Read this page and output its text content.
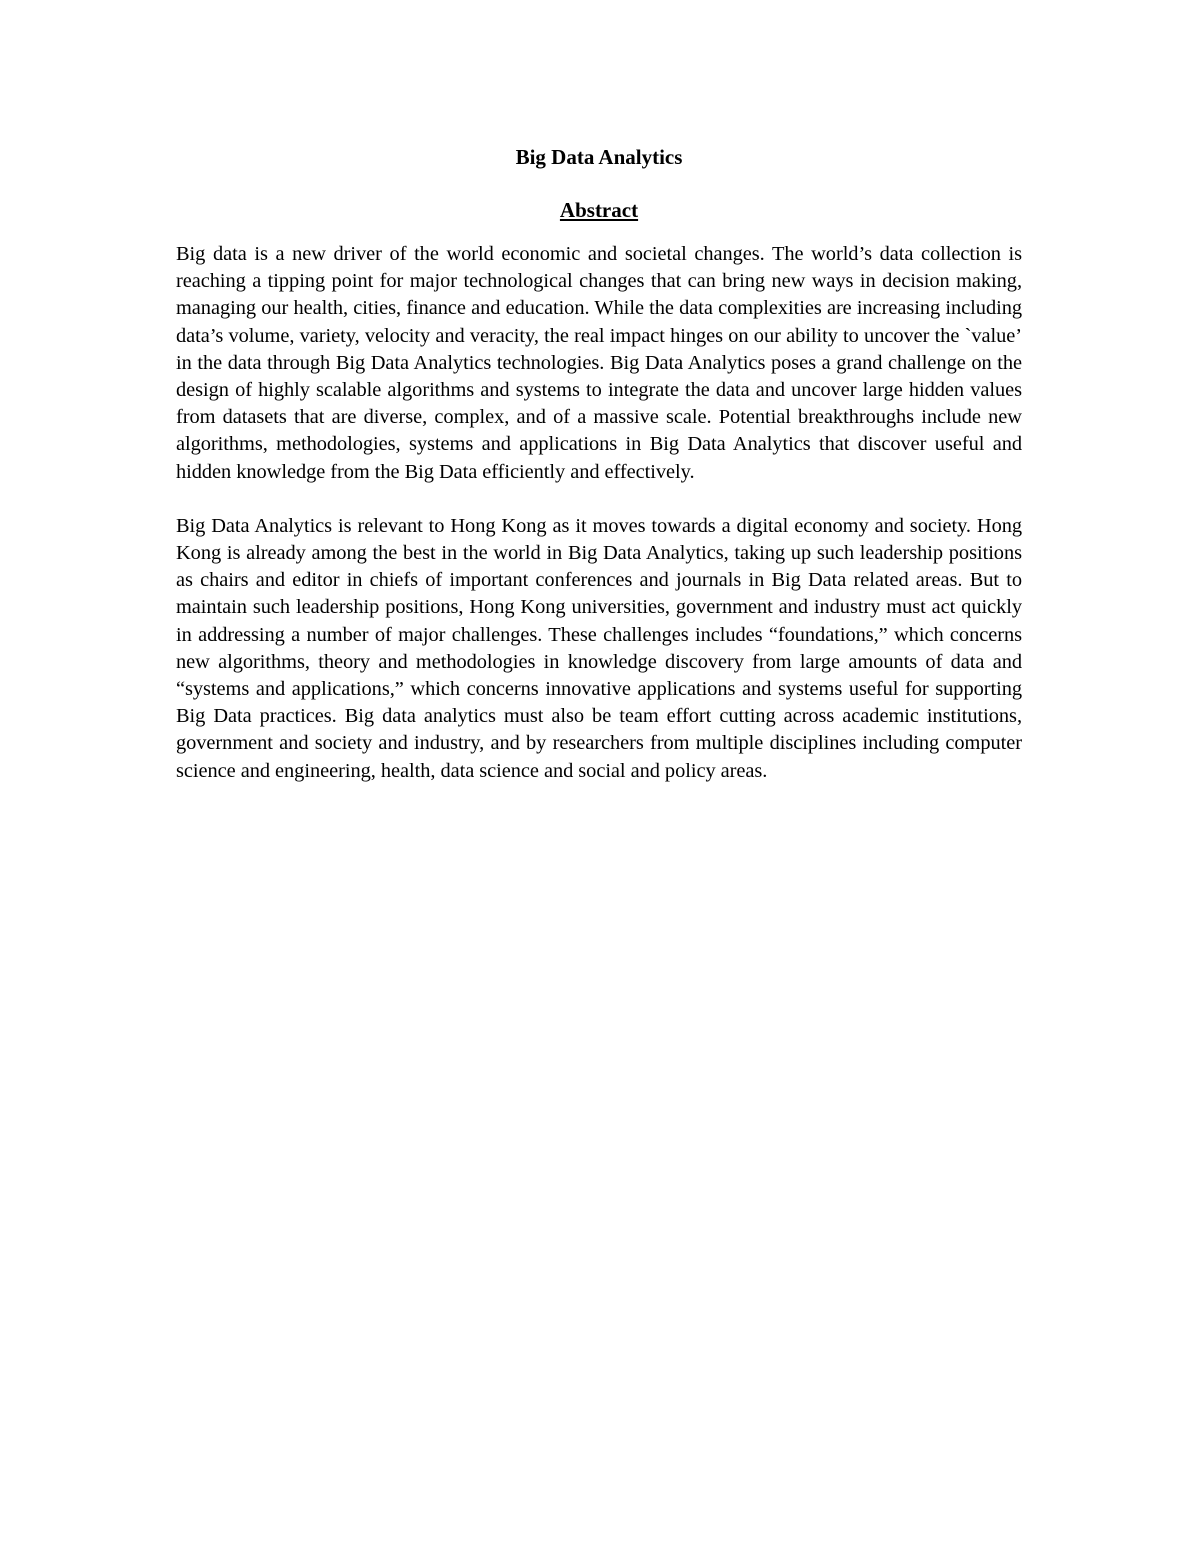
Big Data Analytics
Abstract

Big data is a new driver of the world economic and societal changes. The world’s data collection is reaching a tipping point for major technological changes that can bring new ways in decision making, managing our health, cities, finance and education. While the data complexities are increasing including data’s volume, variety, velocity and veracity, the real impact hinges on our ability to uncover the `value’ in the data through Big Data Analytics technologies. Big Data Analytics poses a grand challenge on the design of highly scalable algorithms and systems to integrate the data and uncover large hidden values from datasets that are diverse, complex, and of a massive scale. Potential breakthroughs include new algorithms, methodologies, systems and applications in Big Data Analytics that discover useful and hidden knowledge from the Big Data efficiently and effectively.

Big Data Analytics is relevant to Hong Kong as it moves towards a digital economy and society. Hong Kong is already among the best in the world in Big Data Analytics, taking up such leadership positions as chairs and editor in chiefs of important conferences and journals in Big Data related areas. But to maintain such leadership positions, Hong Kong universities, government and industry must act quickly in addressing a number of major challenges. These challenges includes “foundations,” which concerns new algorithms, theory and methodologies in knowledge discovery from large amounts of data and “systems and applications,” which concerns innovative applications and systems useful for supporting Big Data practices. Big data analytics must also be team effort cutting across academic institutions, government and society and industry, and by researchers from multiple disciplines including computer science and engineering, health, data science and social and policy areas.
